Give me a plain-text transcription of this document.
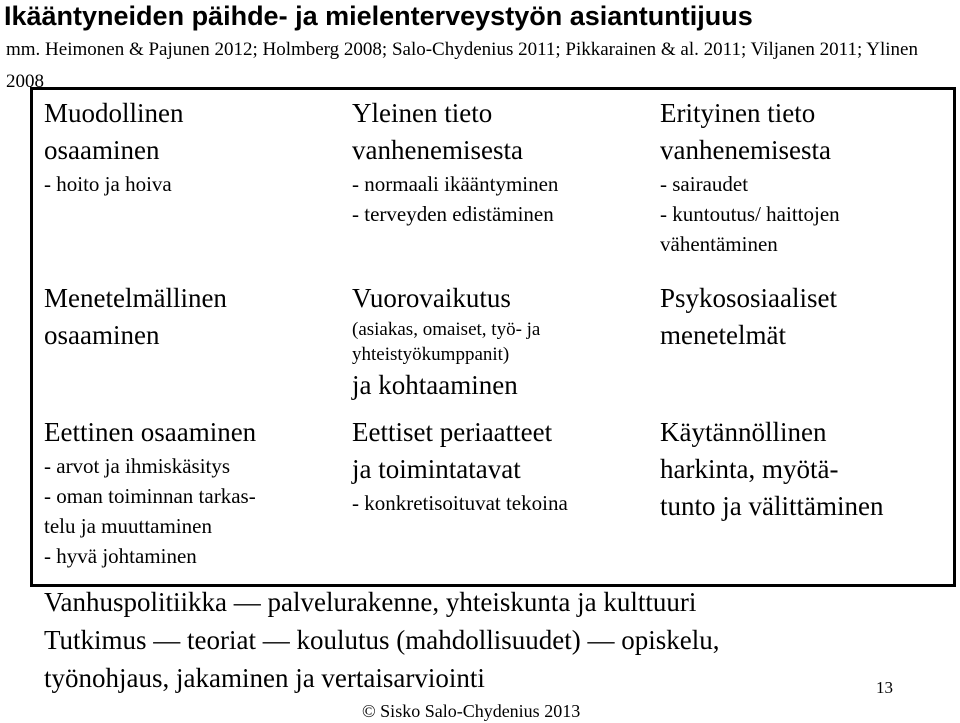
Ikääntyneiden päihde- ja mielenterveystyön asiantuntijuus
mm. Heimonen & Pajunen 2012; Holmberg 2008; Salo-Chydenius 2011; Pikkarainen & al. 2011; Viljanen 2011; Ylinen 2008
Muodollinen
osaaminen
- hoito ja hoiva
Yleinen tieto
vanhenemisesta
- normaali ikääntyminen
- terveyden edistäminen
Erityinen tieto
vanhenemisesta
- sairaudet
- kuntoutus/ haittojen
vähentäminen
Menetelmällinen
osaaminen
Vuorovaikutus
(asiakas, omaiset, työ- ja
yhteistyökumppanit)
ja kohtaaminen
Psykososiaaliset
menetelmät
Eettinen osaaminen
- arvot ja ihmiskäsitys
- oman toiminnan tarkas-
telu ja muuttaminen
- hyvä johtaminen
Eettiset periaatteet
ja toimintatavat
- konkretisoituvat tekoina
Käytännöllinen
harkinta, myötä-
tunto ja välittäminen
Vanhuspolitiikka — palvelurakenne, yhteiskunta ja kulttuuri
Tutkimus — teoriat — koulutus (mahdollisuudet) — opiskelu,
työnohjaus, jakaminen ja vertaisarviointi
© Sisko Salo-Chydenius 2013
13
